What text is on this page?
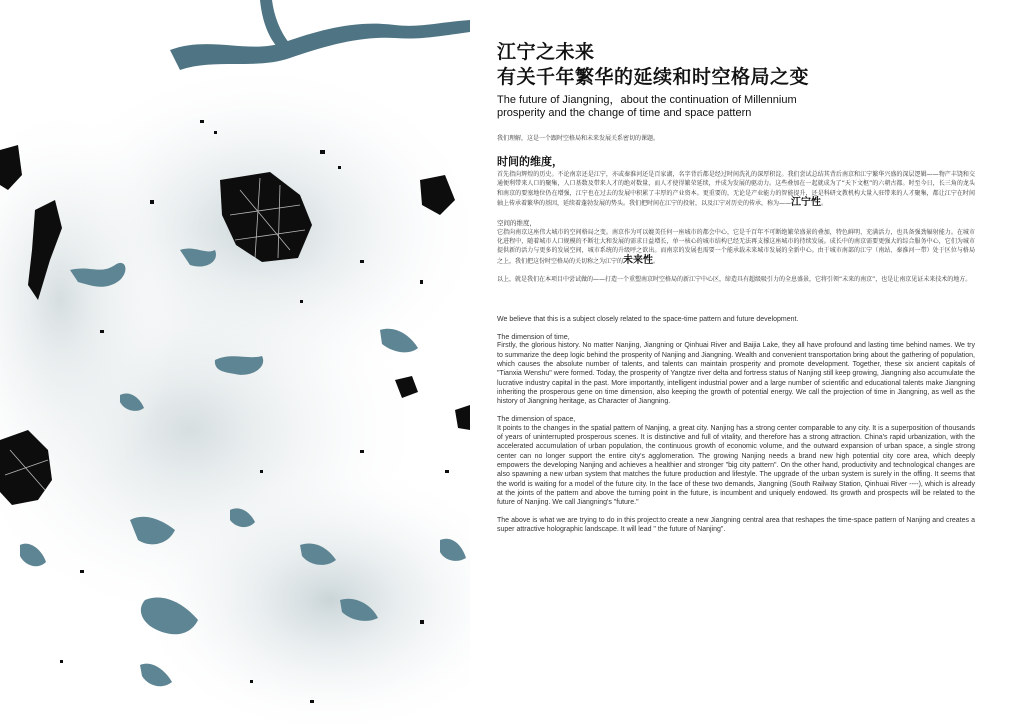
江宁之未来
有关千年繁华的延续和时空格局之变

The future of Jiangning，about the continuation of Millennium prosperity and the change of time and space pattern

我们理解，这是一个跟时空格局和未来发展关系密切的课题。

时间的维度，

首先指向辉煌的历史。不论南京还是江宁，亦或秦淮河还是百家湖，名字背后都是经过时间洗礼的深厚积淀。我们尝试总结其背后南京和江宁繁华兴盛的深层逻辑——物产丰饶和交通便利带来人口的聚集，人口基数及带来人才的绝对数量，而人才使得繁荣延续，并成为发展的驱动力。这些叠加在一起就成为了“天下文枢”的六朝古都。时至今日，长三角的龙头和南京的要塞地位仍在增强，江宁也在过去的发展中积累了丰厚的产业资本。更重要的，无论是产业能力的智能提升，还是科研文教机构大量入驻带来的人才聚集，都让江宁在时间轴上传承着繁华的基因，延续着蓬勃发展的势头。我们把时间在江宁的投射，以及江宁对历史的传承，称为——江宁性。

空间的维度，

它指向南京这座伟大城市的空间格局之变。南京作为可以媲美任何一座城市的都会中心，它是千百年不可断绝繁荣盛景的叠加，特色鲜明、充满活力，也具备强劲辐射能力。在城市化进程中，随着城市人口规模的不断壮大和发展的需求日益增长，单一核心的城市结构已经无法再支撑这座城市的持续发展。成长中的南京需要更强大的综合服务中心，它们为城市提供新的活力与更多的发展空间，城市系统的升级呼之欲出。而南京的发展也需要一个能承载未来城市发展的全新中心。由于城市南部的江宁（南站、秦淮河一带）处于区位与格局之上，我们把这份时空格局的关切称之为江宁的未来性。

以上，就是我们在本项目中尝试做的——打造一个重塑南京时空格局的新江宁中心区，缔造具有超级吸引力的全息盛景，它将引领“未来的南京”，也是让南京见证未来技术的地方。

We believe that this is a subject closely related to the space-time pattern and future development.

The dimension of time,

Firstly, the glorious history. No matter Nanjing, Jiangning or Qinhuai River and Baijia Lake, they all have profound and lasting time behind names. We try to summarize the deep logic behind the prosperity of Nanjing and Jiangning. Wealth and convenient transportation bring about the gathering of population, which causes the absolute number of talents, and talents can maintain prosperity and promote development. Together, these six ancient capitals of "Tianxia Wenshu" were formed. Today, the prosperity of Yangtze river delta and fortress status of Nanjing still keep growing, Jiangning also accumulate the lucrative industry capital in the past. More importantly, intelligent industrial power and a large number of scientific and educational talents make Jiangning inheriting the prosperous gene on time dimension, also keeping the growth of potential energy. We call the projection of time in Jiangning, as well as the history of Jiangning heritage, as Character of Jiangning.

The dimension of space,

It points to the changes in the spatial pattern of Nanjing, a great city. Nanjing has a strong center comparable to any city. It is a superposition of thousands of years of uninterrupted prosperous scenes. It is distinctive and full of vitality, and therefore has a strong attraction. China's rapid urbanization, with the accelerated accumulation of urban population, the continuous growth of economic volume, and the outward expansion of urban space, a single strong center can no longer support the entire city's agglomeration. The growing Nanjing needs a brand new high potential city core area, which deeply empowers the developing Nanjing and achieves a healthier and stronger "big city pattern". On the other hand, productivity and technological changes are also spawning a new urban system that matches the future production and lifestyle. The upgrade of the urban system is surely in the offing. It seems that the world is waiting for a model of the future city. In the face of these two demands, Jiangning (South Railway Station, Qinhuai River ----), which is already at the joints of the pattern and above the turning point in the future, is incumbent and uniquely endowed. Its growth and prospects will be related to the future of Nanjing. We call Jiangning's "future."

The above is what we are trying to do in this project:to create a new Jiangning central area that reshapes the time-space pattern of Nanjing and creates a super attractive holographic landscape. It will lead " the future of Nanjing".
